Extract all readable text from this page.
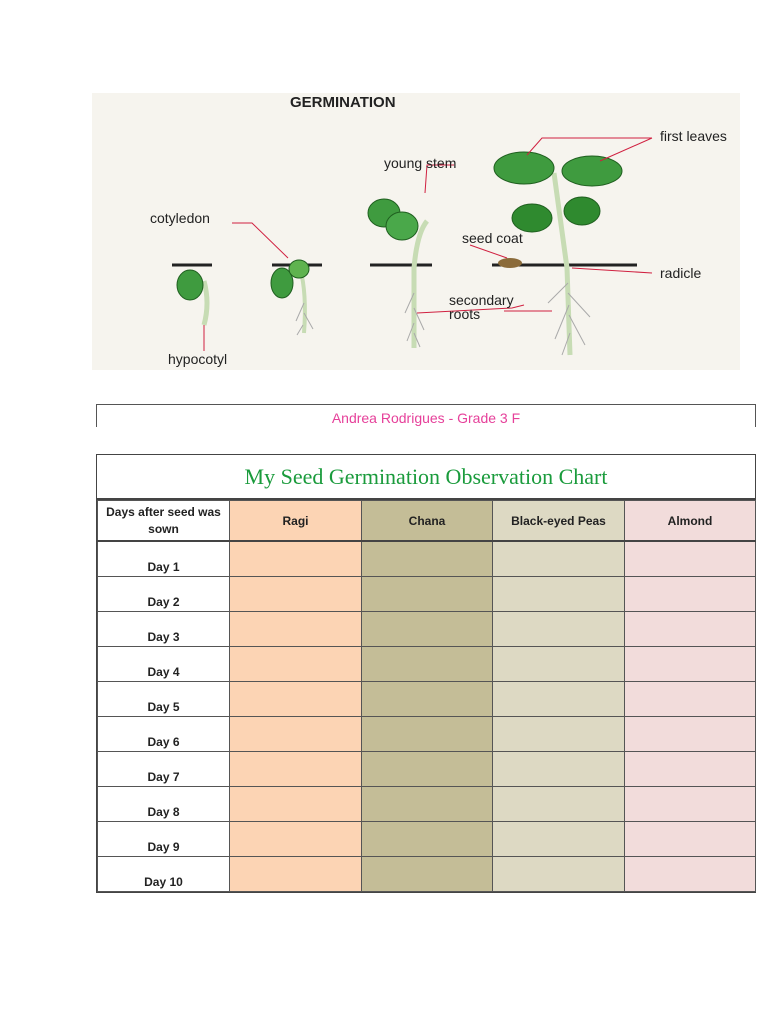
GERMINATION
cotyledon
hypocotyl
young stem
seed coat
secondary
roots
first leaves
radicle
Andrea Rodrigues - Grade 3 F
My Seed Germination Observation Chart
Days after seed was sown	Ragi	Chana	Black-eyed Peas	Almond
Day 1				
Day 2				
Day 3				
Day 4				
Day 5				
Day 6				
Day 7				
Day 8				
Day 9				
Day 10				
